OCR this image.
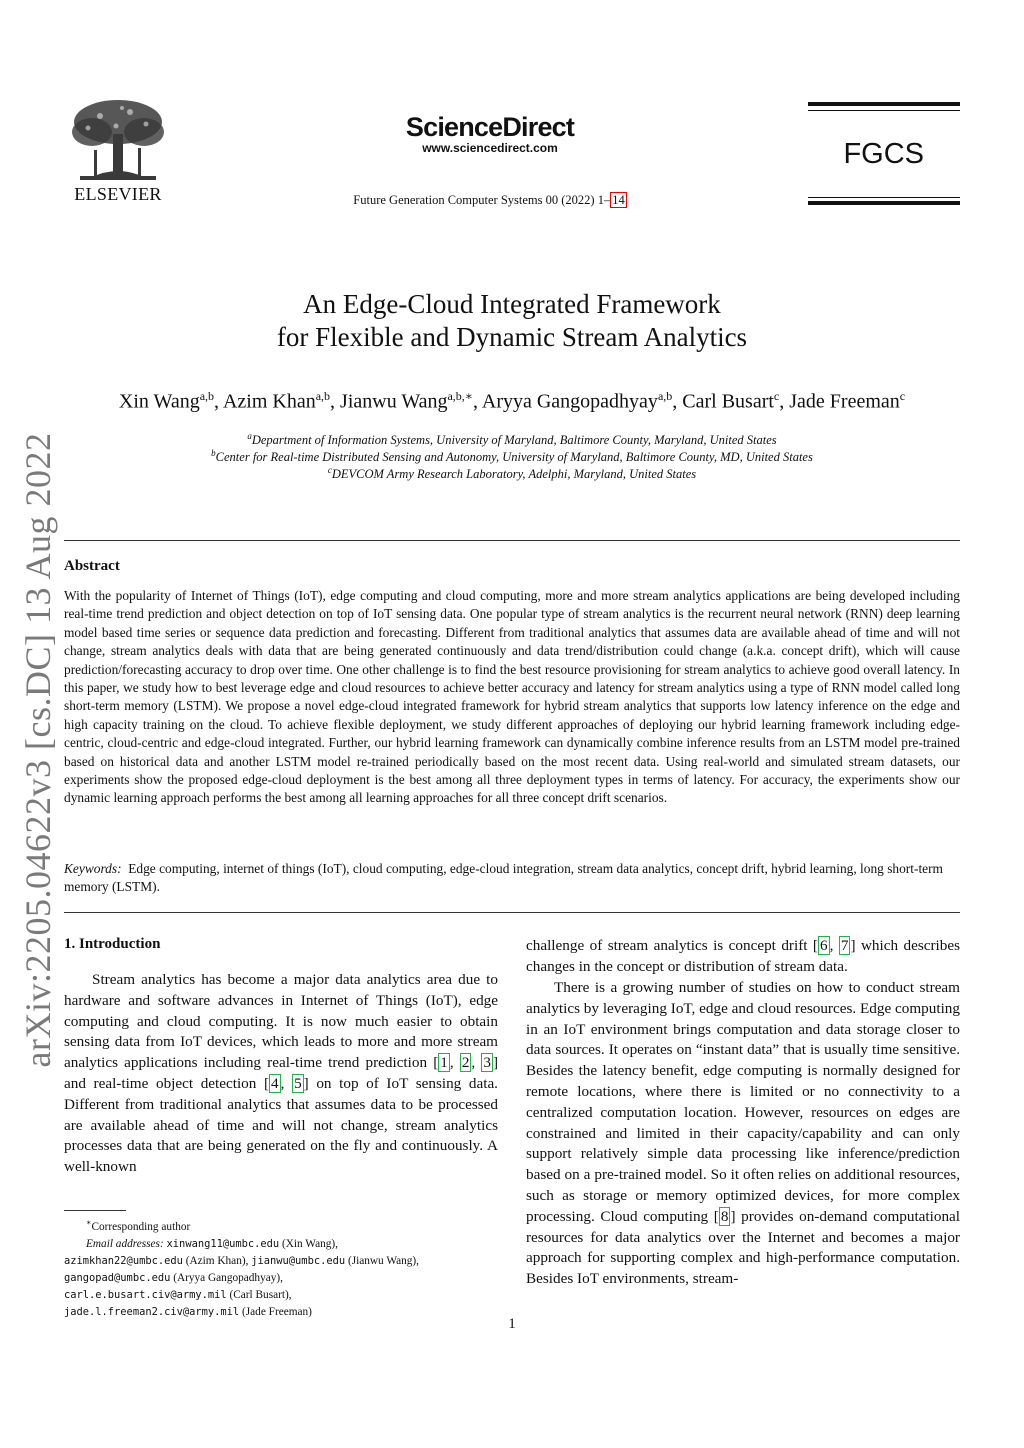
arXiv:2205.04622v3 [cs.DC] 13 Aug 2022
ELSEVIER
ScienceDirect
www.sciencedirect.com
Future Generation Computer Systems 00 (2022) 1– 14
FGCS
An Edge-Cloud Integrated Framework
for Flexible and Dynamic Stream Analytics
Xin Wang$^{a,b}$, Azim Khan$^{a,b}$, Jianwu Wang$^{a,b,∗}$, Aryya Gangopadhyay$^{a,b}$, Carl Busart$^c$, Jade Freeman$^c$
$^a$Department of Information Systems, University of Maryland, Baltimore County, Maryland, United States
$^b$Center for Real-time Distributed Sensing and Autonomy, University of Maryland, Baltimore County, MD, United States
$^c$DEVCOM Army Research Laboratory, Adelphi, Maryland, United States
Abstract
With the popularity of Internet of Things (IoT), edge computing and cloud computing, more and more stream analytics applications are being developed including real-time trend prediction and object detection on top of IoT sensing data. One popular type of stream analytics is the recurrent neural network (RNN) deep learning model based time series or sequence data prediction and forecasting. Different from traditional analytics that assumes data are available ahead of time and will not change, stream analytics deals with data that are being generated continuously and data trend/distribution could change (a.k.a. concept drift), which will cause prediction/forecasting accuracy to drop over time. One other challenge is to find the best resource provisioning for stream analytics to achieve good overall latency. In this paper, we study how to best leverage edge and cloud resources to achieve better accuracy and latency for stream analytics using a type of RNN model called long short-term memory (LSTM). We propose a novel edge-cloud integrated framework for hybrid stream analytics that supports low latency inference on the edge and high capacity training on the cloud. To achieve flexible deployment, we study different approaches of deploying our hybrid learning framework including edge-centric, cloud-centric and edge-cloud integrated. Further, our hybrid learning framework can dynamically combine inference results from an LSTM model pre-trained based on historical data and another LSTM model re-trained periodically based on the most recent data. Using real-world and simulated stream datasets, our experiments show the proposed edge-cloud deployment is the best among all three deployment types in terms of latency. For accuracy, the experiments show our dynamic learning approach performs the best among all learning approaches for all three concept drift scenarios.
Keywords: Edge computing, internet of things (IoT), cloud computing, edge-cloud integration, stream data analytics, concept drift, hybrid learning, long short-term memory (LSTM).
1. Introduction
Stream analytics has become a major data analytics area due to hardware and software advances in Internet of Things (IoT), edge computing and cloud computing. It is now much easier to obtain sensing data from IoT devices, which leads to more and more stream analytics applications including real-time trend prediction [ 1 , 2 , 3 ] and real-time object detection [ 4 , 5 ] on top of IoT sensing data. Different from traditional analytics that assumes data to be processed are available ahead of time and will not change, stream analytics processes data that are being generated on the fly and continuously. A well-known
challenge of stream analytics is concept drift [ 6 , 7 ] which describes changes in the concept or distribution of stream data.
There is a growing number of studies on how to conduct stream analytics by leveraging IoT, edge and cloud resources. Edge computing in an IoT environment brings computation and data storage closer to data sources. It operates on “instant data” that is usually time sensitive. Besides the latency benefit, edge computing is normally designed for remote locations, where there is limited or no connectivity to a centralized computation location. However, resources on edges are constrained and limited in their capacity/capability and can only support relatively simple data processing like inference/prediction based on a pre-trained model. So it often relies on additional resources, such as storage or memory optimized devices, for more complex processing. Cloud computing [ 8 ] provides on-demand computational resources for data analytics over the Internet and becomes a major approach for supporting complex and high-performance computation. Besides IoT environments, stream-
∗Corresponding author
Email addresses: xinwang11@umbc.edu (Xin Wang),
azimkhan22@umbc.edu (Azim Khan), jianwu@umbc.edu (Jianwu Wang),
gangopad@umbc.edu (Aryya Gangopadhyay),
carl.e.busart.civ@army.mil (Carl Busart),
jade.l.freeman2.civ@army.mil (Jade Freeman)
1
